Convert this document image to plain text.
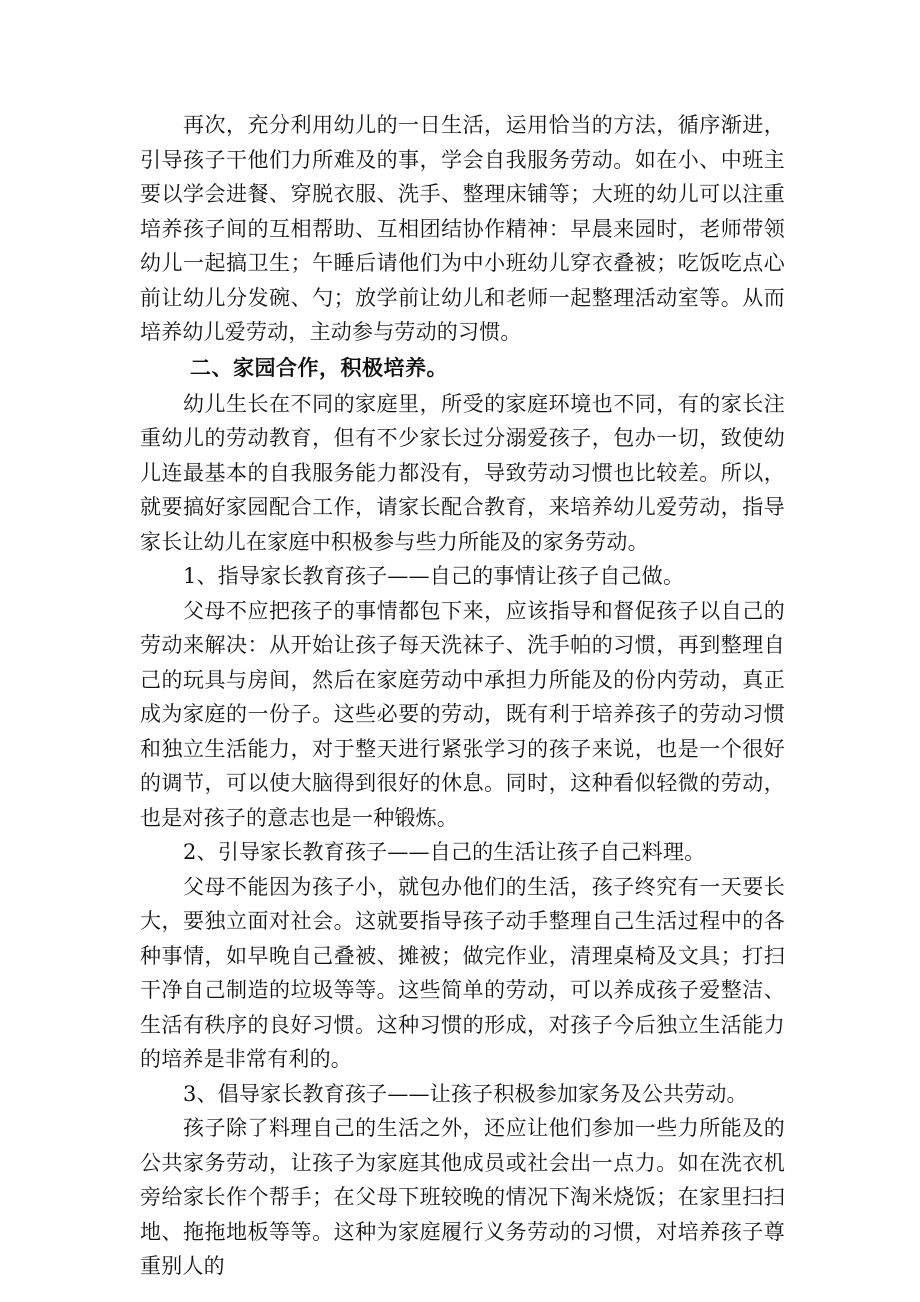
再次，充分利用幼儿的一日生活，运用恰当的方法，循序渐进，引导孩子干他们力所难及的事，学会自我服务劳动。如在小、中班主要以学会进餐、穿脱衣服、洗手、整理床铺等；大班的幼儿可以注重培养孩子间的互相帮助、互相团结协作精神：早晨来园时，老师带领幼儿一起搞卫生；午睡后请他们为中小班幼儿穿衣叠被；吃饭吃点心前让幼儿分发碗、勺；放学前让幼儿和老师一起整理活动室等。从而培养幼儿爱劳动，主动参与劳动的习惯。

二、家园合作，积极培养。

幼儿生长在不同的家庭里，所受的家庭环境也不同，有的家长注重幼儿的劳动教育，但有不少家长过分溺爱孩子，包办一切，致使幼儿连最基本的自我服务能力都没有，导致劳动习惯也比较差。所以，就要搞好家园配合工作，请家长配合教育，来培养幼儿爱劳动，指导家长让幼儿在家庭中积极参与些力所能及的家务劳动。

1、指导家长教育孩子——自己的事情让孩子自己做。

父母不应把孩子的事情都包下来，应该指导和督促孩子以自己的劳动来解决：从开始让孩子每天洗袜子、洗手帕的习惯，再到整理自己的玩具与房间，然后在家庭劳动中承担力所能及的份内劳动，真正成为家庭的一份子。这些必要的劳动，既有利于培养孩子的劳动习惯和独立生活能力，对于整天进行紧张学习的孩子来说，也是一个很好的调节，可以使大脑得到很好的休息。同时，这种看似轻微的劳动，也是对孩子的意志也是一种锻炼。

2、引导家长教育孩子——自己的生活让孩子自己料理。

父母不能因为孩子小，就包办他们的生活，孩子终究有一天要长大，要独立面对社会。这就要指导孩子动手整理自己生活过程中的各种事情，如早晚自己叠被、摊被；做完作业，清理桌椅及文具；打扫干净自己制造的垃圾等等。这些简单的劳动，可以养成孩子爱整洁、生活有秩序的良好习惯。这种习惯的形成，对孩子今后独立生活能力的培养是非常有利的。

3、倡导家长教育孩子——让孩子积极参加家务及公共劳动。

孩子除了料理自己的生活之外，还应让他们参加一些力所能及的公共家务劳动，让孩子为家庭其他成员或社会出一点力。如在洗衣机旁给家长作个帮手；在父母下班较晚的情况下淘米烧饭；在家里扫扫地、拖拖地板等等。这种为家庭履行义务劳动的习惯，对培养孩子尊重别人的
